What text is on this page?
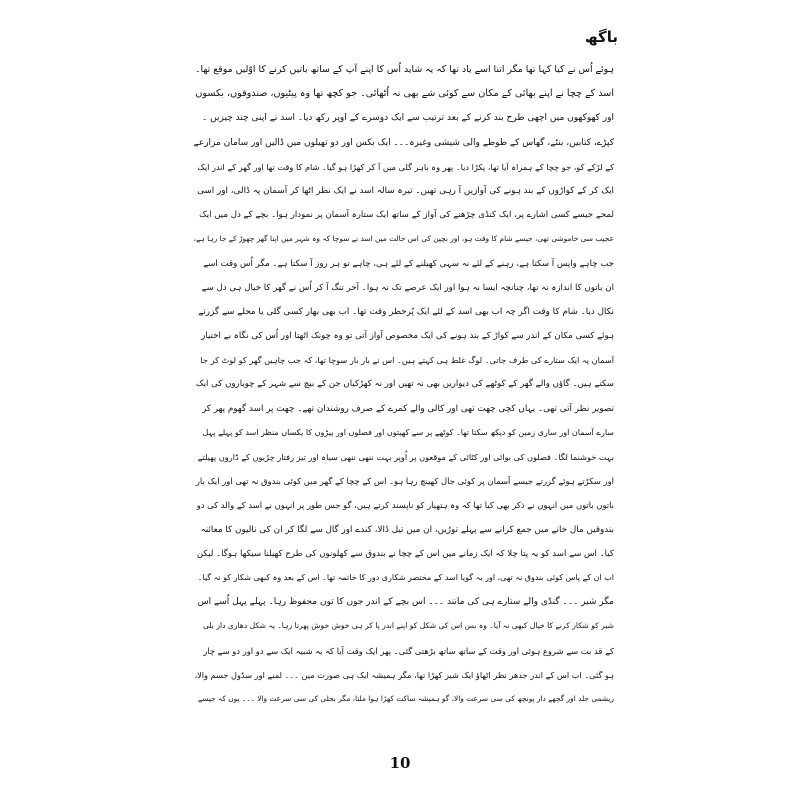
باگھ
ہوئے اُس نے کیا کہا تھا مگر اتنا اسے یاد تھا کہ یہ شاید اُس کا اپنے آپ کے ساتھ باتیں کرنے کا اوّلیں موقع تھا۔
اسد کے چچا نے اپنے بھائی کے مکان سے کوئی شے بھی نہ اُٹھائی۔ جو کچھ تھا وہ پیٹیوں، صندوقوں، بکسوں
اور کھوکھوں میں اچھی طرح بند کرنے کے بعد ترتیب سے ایک دوسرے کے اوپر رکھ دیا۔ اسد نے اپنی چند چیزیں ۔
کپڑے، کتابیں، بنٹے، گھاس کے طوطے والی شیشی وغیرہ۔۔۔ ایک بکس اور دو تھیلوں میں ڈالیں اور سامان مزارعے
کے لڑکے کو، جو چچا کے ہمراہ آیا تھا، پکڑا دیا۔ پھر وہ باہر گلی میں آ کر کھڑا ہو گیا۔ شام کا وقت تھا اور گھر کے اندر ایک
ایک کر کے کواڑوں کے بند ہونے کی آوازیں آ رہی تھیں۔ تیرہ سالہ اسد نے ایک نظر اٹھا کر آسمان پہ ڈالی، اور اسی
لمحے جیسے کسی اشارے پر، ایک کنڈی چڑھنے کی آواز کے ساتھ ایک ستارہ آسمان پر نمودار ہوا۔ بچے کے دل میں ایک
عجیب سی خاموشی تھی، جیسے شام کا وقت ہو، اور بچپن کی اس حالت میں اسد نے سوچا کہ وہ شہر میں اپنا گھر چھوڑ کے جا رہا ہے،
جب چاہے واپس آ سکتا ہے، رہنے کے لئے نہ سہی کھیلنے کے لئے ہی، چاہے تو ہر روز آ سکتا ہے۔ مگر اُس وقت اسے
ان باتوں کا اندازہ نہ تھا، چنانچہ ایسا نہ ہوا اور ایک عرصے تک نہ ہوا۔ آخر تنگ آ کر اُس نے گھر کا خیال ہی دل سے
نکال دیا۔ شام کا وقت اگر چہ اب بھی اسد کے لئے ایک پُرخطر وقت تھا۔ اب بھی بھار کسی گلی یا محلے سے گزرتے
ہوئے کسی مکان کے اندر سے کواڑ کے بند ہونے کی ایک مخصوص آواز آتی تو وہ چونک اٹھتا اور اُس کی نگاہ بے اختیار
آسمان پہ ایک ستارے کی طرف جاتی۔ لوگ غلط ہی کہتے ہیں۔ اس نے بار بار سوچا تھا، کہ جب چاہیں گھر کو لوٹ کر جا
سکتے ہیں۔ گاؤں والے گھر کے کوٹھے کی دیواریں بھی نہ تھیں اور نہ کھڑکیاں جن کے بیچ سے شہر کے چوباروں کی ایک
تصویر نظر آتی تھی۔ یہاں کچی چھت تھی اور کالی والے کمرے کے صرف روشندان تھے۔ چھت پر اسد گھوم پھر کر
سارے آسمان اور ساری زمین کو دیکھ سکتا تھا۔ کوٹھے پر سے کھیتوں اور فصلوں اور پیڑوں کا یکساں منظر اسد کو پہلے پہل
بہت خوشنما لگا۔ فصلوں کی بوائی اور کٹائی کے موقعوں پر اُوپر بہت ننھی ننھی سیاہ اور تیز رفتار چڑیوں کے ڈاروں پھیلتے
اور سکڑتے ہوئے گزرتے جیسے آسمان پر کوئی جال کھینچ رہا ہو۔ اس کے چچا کے گھر میں کوئی بندوق نہ تھی اور ایک بار
باتوں باتوں میں انہوں نے ذکر بھی کیا تھا کہ وہ ہتھیار کو ناپسند کرتے ہیں، گو جس طور پر انہوں نے اسد کے والد کی دو
بندوقیں مال خانے میں جمع کرانے سے پہلے توڑیں، ان میں تیل ڈالا، کندے اور گال سے لگا کر ان کی نالیوں کا معائنہ
کیا۔ اس سے اسد کو یہ پتا چلا کہ ایک زمانے میں اس کے چچا نے بندوق سے کھلونوں کی طرح کھیلنا سیکھا ہوگا۔ لیکن
اب ان کے پاس کوئی بندوق نہ تھی، اور یہ گویا اسد کے مختصر شکاری دور کا خاتمہ تھا۔ اس کے بعد وہ کبھی شکار کو نہ گیا۔
مگر شیر ۔۔۔ گنڈی والے ستارے ہی کی مانند ۔۔۔ اس بچے کے اندر جوں کا توں محفوظ رہا۔ پہلے پہل اُسے اس
شیر کو شکار کرنے کا خیال کبھی نہ آیا۔ وہ بس اس کی شکل کو اپنے اندر پا کر ہی خوش خوش پھرتا رہا۔ یہ شکل دھاری دار بلی
کے قد بت سے شروع ہوئی اور وقت کے ساتھ ساتھ بڑھتی گئی۔ پھر ایک وقت آیا کہ یہ شبیہ ایک سے دو اور دو سے چار
ہو گئی۔ اب اس کے اندر جدھر نظر اٹھاؤ ایک شیر کھڑا تھا، مگر ہمیشہ ایک ہی صورت میں ۔۔۔ لمبے اور سڈول جسم والا،
ریشمی جلد اور گچھے دار پونچھ کی سی سرعت والا، گو ہمیشہ ساکت کھڑا ہوا ملتا، مگر بجلی کی سی سرعت والا ۔۔۔ یوں کہ جیسے
10
